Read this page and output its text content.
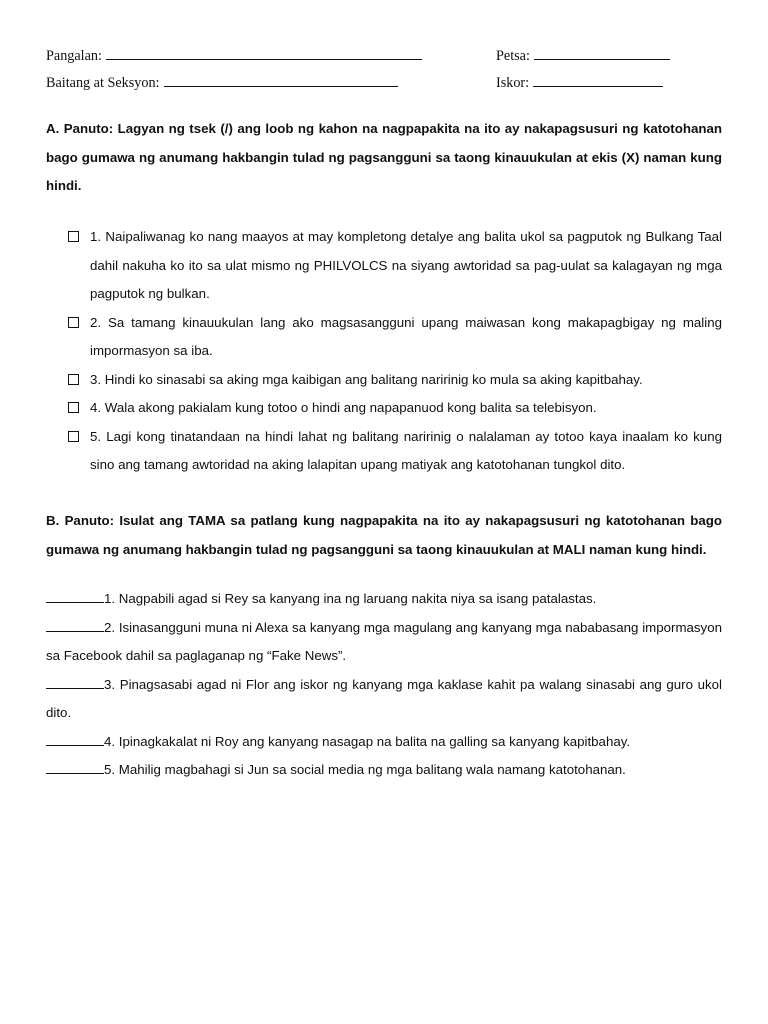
Pangalan:	Petsa:
Baitang at Seksyon:	Iskor:
A. Panuto: Lagyan ng tsek (/) ang loob ng kahon na nagpapakita na ito ay nakapagsusuri ng katotohanan bago gumawa ng anumang hakbangin tulad ng pagsangguni sa taong kinauukulan at ekis (X) naman kung hindi.
1. Naipaliwanag ko nang maayos at may kompletong detalye ang balita ukol sa pagputok ng Bulkang Taal dahil nakuha ko ito sa ulat mismo ng PHILVOLCS na siyang awtoridad sa pag-uulat sa kalagayan ng mga pagputok ng bulkan.
2. Sa tamang kinauukulan lang ako magsasangguni upang maiwasan kong makapagbigay ng maling impormasyon sa iba.
3. Hindi ko sinasabi sa aking mga kaibigan ang balitang naririnig ko mula sa aking kapitbahay.
4. Wala akong pakialam kung totoo o hindi ang napapanuod kong balita sa telebisyon.
5. Lagi kong tinatandaan na hindi lahat ng balitang naririnig o nalalaman ay totoo kaya inaalam ko kung sino ang tamang awtoridad na aking lalapitan upang matiyak ang katotohanan tungkol dito.
B. Panuto: Isulat ang TAMA sa patlang kung nagpapakita na ito ay nakapagsusuri ng katotohanan bago gumawa ng anumang hakbangin tulad ng pagsangguni sa taong kinauukulan at MALI naman kung hindi.
1. Nagpabili agad si Rey sa kanyang ina ng laruang nakita niya sa isang patalastas.
2. Isinasangguni muna ni Alexa sa kanyang mga magulang ang kanyang mga nababasang impormasyon sa Facebook dahil sa paglaganap ng “Fake News”.
3. Pinagsasabi agad ni Flor ang iskor ng kanyang mga kaklase kahit pa walang sinasabi ang guro ukol dito.
4. Ipinagkakalat ni Roy ang kanyang nasagap na balita na galling sa kanyang kapitbahay.
5. Mahilig magbahagi si Jun sa social media ng mga balitang wala namang katotohanan.
